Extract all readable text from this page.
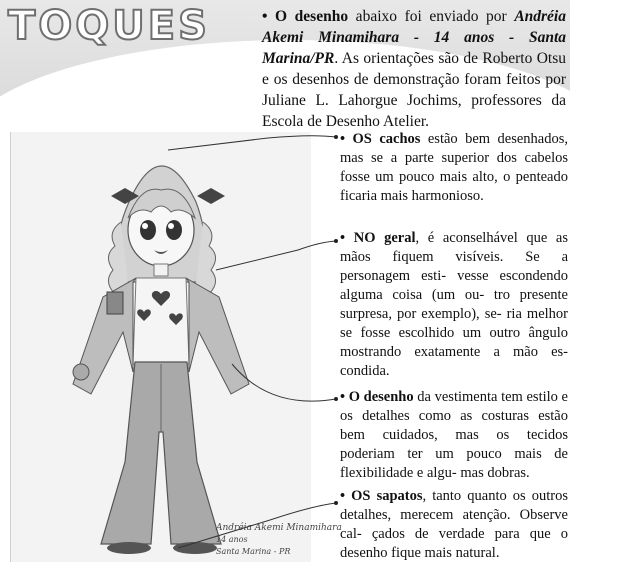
TOQUES	• O desenho abaixo foi enviado por Andréia Akemi Minamihara - 14 anos - Santa Marina/PR. As orientações são de Roberto Otsu e os desenhos de demonstração foram feitos por Juliane L. Lahorgue Jochims, professores da Escola de Desenho Atelier.

Andréia Akemi Minamihara
14 anos
Santa Marina - PR

• OS cachos estão bem desenhados, mas se a parte superior dos cabelos fosse um pouco mais alto, o penteado ficaria mais harmonioso.

• NO geral, é aconselhável que as mãos fiquem visíveis. Se a personagem esti- vesse escondendo alguma coisa (um ou- tro presente surpresa, por exemplo), se- ria melhor se fosse escolhido um outro ângulo mostrando exatamente a mão es- condida.

• O desenho da vestimenta tem estilo e os detalhes como as costuras estão bem cuidados, mas os tecidos poderiam ter um pouco mais de flexibilidade e algu- mas dobras.

• OS sapatos, tanto quanto os outros detalhes, merecem atenção. Observe cal- çados de verdade para que o desenho fique mais natural.
